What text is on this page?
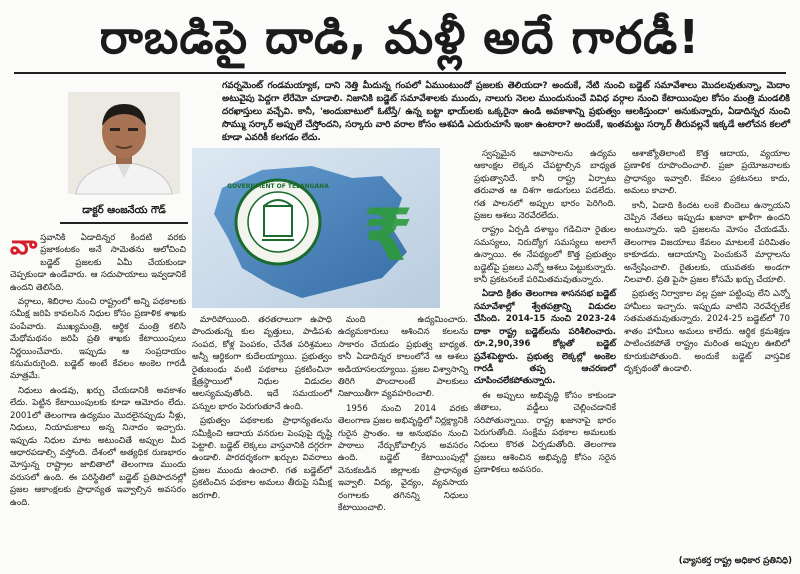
రాబడిపై దాడి, మళ్లీ అదే గారడీ!
గవర్నమెంట్ గండమయ్యాక, దాని నెత్తి మీదున్న గంపలో ఏముంటుందో ప్రజలకు తెలియదా? అందుకే, నేటి నుంచి బడ్జెట్ సమావేశాలు మొదలవుతున్నా, మెదాం అటువైపు పెద్దగా లేరేమో చూడాలి. నిజానికి బడ్జెట్ సమావేశాలకు ముందు, నాలుగు నెలల ముందునుంచే వివిధ వర్గాల నుంచి కేటాయింపుల కోసం మంత్రి మండలికి దరఖాస్తులు వచ్చేవి. కానీ, 'అందుబాటులో ఓటేస్తే/ ఉన్న బట్టా భాయ్‌లకు ఒక్కరైనా ఉండి అవకాశాన్ని ప్రభుత్వం ఆలకిస్తుందా' అనుకున్నారు, ఏడాదిన్నర నుంచి సొమ్ము సర్కార్ అప్పులే చేస్తోందని, సర్కారు వారి వరాల కోసం ఆశపడి ఎదురుచూసే ఇంకా ఉంటారా? అందుకే, ఇంతమట్టు సర్కార్ తీరువల్లనే ఇక్కడే ఆలోచన కలలో కూడా ఎవరికీ కలగడం లేదు.
డాక్టర్ ఆంజనేయ గౌడ్
వా స్తవానికి ఏడాదిన్నర కిందటి వరకు ప్రజాకంటకం అనే సామెతను ఆలోచించి బడ్జెట్ ప్రజలకు ఏమీ చేయకుండా చెప్పకుండా ఉండేవారు. ఆ సదుపాయాలు ఇవ్వడానికే ఉందని తెలిసేది.

వర్గాలు, శిబిరాల నుంచి రాష్ట్రంలో అన్ని పథకాలకు సమీక్ష జరిపి కావలసిన నిధుల కోసం ప్రణాళిక శాఖకు పంపేవారు. ముఖ్యమంత్రి, ఆర్థిక మంత్రి కలిసి మేధోమథనం జరిపి ప్రతి శాఖకు కేటాయింపులు నిర్ణయించేవారు. ఇప్పుడు ఆ సంప్రదాయం కనుమరుగైంది. బడ్జెట్ అంటే కేవలం అంకెల గారడీ మాత్రమే.

నిధులు ఉండవు, ఖర్చు చేయడానికి అవకాశం లేదు. పెట్టిన కేటాయింపులకు కూడా ఆమోదం లేదు. 2001లో తెలంగాణ ఉద్యమం మొదలైనప్పుడు నీళ్లు, నిధులు, నియామకాలు అన్న నినాదం ఇచ్చారు. ఇప్పుడు నిధుల మాట అటుంచితే అప్పుల మీద ఆధారపడాల్సి వస్తోంది. దేశంలో అత్యధిక రుణభారం మోస్తున్న రాష్ట్రాల జాబితాలో తెలంగాణ ముందు వరుసలో ఉంది. ఈ పరిస్థితిలో బడ్జెట్ ప్రతిపాదనల్లో ప్రజల ఆకాంక్షలకు ప్రాధాన్యత ఇవ్వాల్సిన అవసరం ఉంది.

GOVERNMENT OF TELANGANA
₹

మారిపోయింది. తరతరాలుగా ఉపాధి పొందుతున్న కుల వృత్తులు, పాడిపశు సంపద, కోళ్ల పెంపకం, చేనేత పరిశ్రమలు అన్నీ ఆర్థికంగా కుదేలయ్యాయి. ప్రభుత్వం రైతుబంధు వంటి పథకాలు ప్రకటించినా క్షేత్రస్థాయిలో నిధుల విడుదల ఆలస్యమవుతోంది. ఇదే సమయంలో పన్నుల భారం పెరుగుతూనే ఉంది.

ప్రభుత్వం పథకాలకు ప్రాధాన్యతలను సమీక్షించి ఆదాయ వనరుల పెంపుపై దృష్టి పెట్టాలి. బడ్జెట్ లెక్కలు వాస్తవానికి దగ్గరగా ఉండాలి. పారదర్శకంగా ఖర్చుల వివరాలు ప్రజల ముందు ఉంచాలి. గత బడ్జెట్‌లో ప్రకటించిన పథకాల అమలు తీరుపై సమీక్ష జరగాలి.

మంది ఉద్యమించారు. ఉద్యమకారులు ఆశించిన కలలను సాకారం చేయడం ప్రభుత్వ బాధ్యత. కానీ ఏడాదిన్నర కాలంలోనే ఆ ఆశలు అడియాసలయ్యాయి. ప్రజల విశ్వాసాన్ని తిరిగి పొందాలంటే పాలకులు నిజాయితీగా వ్యవహరించాలి.

1956 నుంచి 2014 వరకు తెలంగాణ ప్రజల అభివృద్ధిలో నిర్లక్ష్యానికి గురైన ప్రాంతం. ఆ అనుభవం నుంచి పాఠాలు నేర్చుకోవాల్సిన అవసరం ఉంది. బడ్జెట్ కేటాయింపుల్లో వెనుకబడిన జిల్లాలకు ప్రాధాన్యత ఇవ్వాలి. విద్య, వైద్యం, వ్యవసాయ రంగాలకు తగినన్ని నిధులు కేటాయించాలి.

స్వప్నమైన ఆవాసాలను ఉద్యమ ఆకాంక్షల లెక్కన చేపట్టాల్సిన బాధ్యత ప్రభుత్వానిదే. కానీ రాష్ట్ర ఏర్పాటు తరువాత ఆ దిశగా అడుగులు పడలేదు. గత పాలనలో అప్పుల భారం పెరిగింది. ప్రజల ఆశలు నెరవేరలేదు.

రాష్ట్రం ఏర్పడి దశాబ్దం గడిచినా రైతుల సమస్యలు, నిరుద్యోగ సమస్యలు అలాగే ఉన్నాయి. ఈ నేపథ్యంలో కొత్త ప్రభుత్వం బడ్జెట్‌పై ప్రజలు ఎన్నో ఆశలు పెట్టుకున్నారు. కానీ ప్రకటనలకే పరిమితమవుతున్నారు.

ఏడాది క్రితం తెలంగాణ శాసనసభ బడ్జెట్ సమావేశాల్లో శ్వేతపత్రాన్ని విడుదల చేసింది. 2014-15 నుంచి 2023-24 దాకా రాష్ట్ర బడ్జెట్‌లను పరిశీలించారు. రూ.2,90,396 కోట్లతో బడ్జెట్ ప్రవేశపెట్టారు. ప్రభుత్వ లెక్కల్లో అంకెల గారడీ తప్ప ఆచరణలో చూపించలేకపోతున్నారు.

ఈ అప్పులు అభివృద్ధి కోసం కాకుండా జీతాలు, వడ్డీలు చెల్లించడానికే సరిపోతున్నాయి. రాష్ట్ర ఖజానాపై భారం పెరుగుతోంది. సంక్షేమ పథకాల అమలుకు నిధులు కొరత ఏర్పడుతోంది. తెలంగాణ ప్రజలు ఆశించిన అభివృద్ధి కోసం సరైన ప్రణాళికలు అవసరం.

ఆశాజ్యోతిలాంటి కొత్త ఆదాయ, వ్యయాల ప్రణాళిక రూపొందించాలి. ప్రజా ప్రయోజనాలకు ప్రాధాన్యం ఇవ్వాలి. కేవలం ప్రకటనలు కాదు, అమలు కావాలి.

కానీ, ఏడాది కిందట లంకె బిందెలు ఉన్నాయని చెప్పిన నేతలు ఇప్పుడు ఖజానా ఖాళీగా ఉందని అంటున్నారు. ఇది ప్రజలను మోసం చేయడమే. తెలంగాణ విజయాలు కేవలం మాటలకే పరిమితం కాకూడదు. ఆదాయాన్ని పెంచుకునే మార్గాలను అన్వేషించాలి. రైతులకు, యువతకు అండగా నిలవాలి. ప్రతి పైసా ప్రజల కోసమే ఖర్చు చేయాలి.

ప్రభుత్వ నిర్వాకాల వల్ల ప్రజా పట్టింపు లేని ఎన్నో హామీలు ఇచ్చారు. ఇప్పుడు వాటిని నెరవేర్చలేక సతమతమవుతున్నారు. 2024-25 బడ్జెట్‌లో 70 శాతం హామీలు అమలు కాలేదు. ఆర్థిక క్రమశిక్షణ పాటించకపోతే రాష్ట్రం మరింత అప్పుల ఊబిలో కూరుకుపోతుంది. అందుకే బడ్జెట్ వాస్తవిక దృక్పథంతో ఉండాలి.

(వ్యాసకర్త రాష్ట్ర అధికార ప్రతినిధి)
